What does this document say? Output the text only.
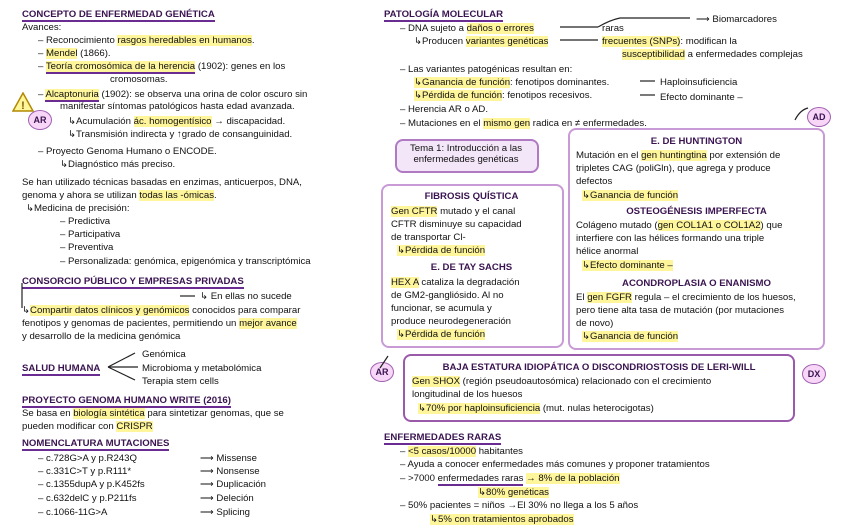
CONCEPTO DE ENFERMEDAD GENÉTICA
Avances:
– Reconocimiento rasgos heredables en humanos.
– Mendel (1866).
– Teoría cromosómica de la herencia (1902): genes en los
cromosomas.
– Alcaptonuria (1902): se observa una orina de color oscuro sin
manifestar síntomas patológicos hasta edad avanzada.
↳Acumulación ác. homogentísico → discapacidad.
↳Transmisión indirecta y ↑grado de consanguinidad.
– Proyecto Genoma Humano o ENCODE.
↳Diagnóstico más preciso.
Se han utilizado técnicas basadas en enzimas, anticuerpos, DNA,
genoma y ahora se utilizan todas las -ómicas.
↳Medicina de precisión:
– Predictiva
– Participativa
– Preventiva
– Personalizada: genómica, epigenómica y transcriptómica
CONSORCIO PÚBLICO Y EMPRESAS PRIVADAS
↳ En ellas no sucede
↳Compartir datos clínicos y genómicos conocidos para comparar
fenotipos y genomas de pacientes, permitiendo un mejor avance
y desarrollo de la medicina genómica
SALUD HUMANA
Genómica
Microbioma y metabolómica
Terapia stem cells
PROYECTO GENOMA HUMANO WRITE (2016)
Se basa en biología sintética para sintetizar genomas, que se
pueden modificar con CRISPR
NOMENCLATURA MUTACIONES
– c.728G>A y p.R243Q	⟶ Missense
– c.331C>T y p.R111*	⟶ Nonsense
– c.1355dupA y p.K452fs	⟶ Duplicación
– c.632delC y p.P211fs	⟶ Deleción
– c.1066-11G>A	⟶ Splicing
!
AR
PATOLOGÍA MOLECULAR
– DNA sujeto a daños o errores	raras
⟶ Biomarcadores
↳Producen variantes genéticas	frecuentes (SNPs): modifican la
susceptibilidad a enfermedades complejas
– Las variantes patogénicas resultan en:
↳Ganancia de función: fenotipos dominantes.	Haploinsuficiencia
↳Pérdida de función: fenotipos recesivos.	Efecto dominante –
– Herencia AR o AD.
– Mutaciones en el mismo gen radica en ≠ enfermedades.
AD
Tema 1: Introducción a las enfermedades genéticas
FIBROSIS QUÍSTICA
Gen CFTR mutado y el canal
CFTR disminuye su capacidad
de transportar Cl-
↳Pérdida de función
E. DE TAY SACHS
HEX A cataliza la degradación
de GM2-gangliósido. Al no
funcionar, se acumula y
produce neurodegeneración
↳Pérdida de función
AR
E. DE HUNTINGTON
Mutación en el gen huntingtina por extensión de
tripletes CAG (poliGln), que agrega y produce
defectos
↳Ganancia de función
OSTEOGÉNESIS IMPERFECTA
Colágeno mutado (gen COL1A1 o COL1A2) que
interfiere con las hélices formando una triple
hélice anormal
↳Efecto dominante –
ACONDROPLASIA O ENANISMO
El gen FGFR regula – el crecimiento de los huesos,
pero tiene alta tasa de mutación (por mutaciones
de novo)
↳Ganancia de función
BAJA ESTATURA IDIOPÁTICA O DISCONDRIOSTOSIS DE LERI-WILL
Gen SHOX (región pseudoautosómica) relacionado con el crecimiento
longitudinal de los huesos
↳70% por haploinsuficiencia (mut. nulas heterocigotas)
DX
ENFERMEDADES RARAS
– <5 casos/10000 habitantes
– Ayuda a conocer enfermedades más comunes y proponer tratamientos
– >7000 enfermedades raras → 8% de la población
↳80% genéticas
– 50% pacientes = niños →El 30% no llega a los 5 años
↳5% con tratamientos aprobados
